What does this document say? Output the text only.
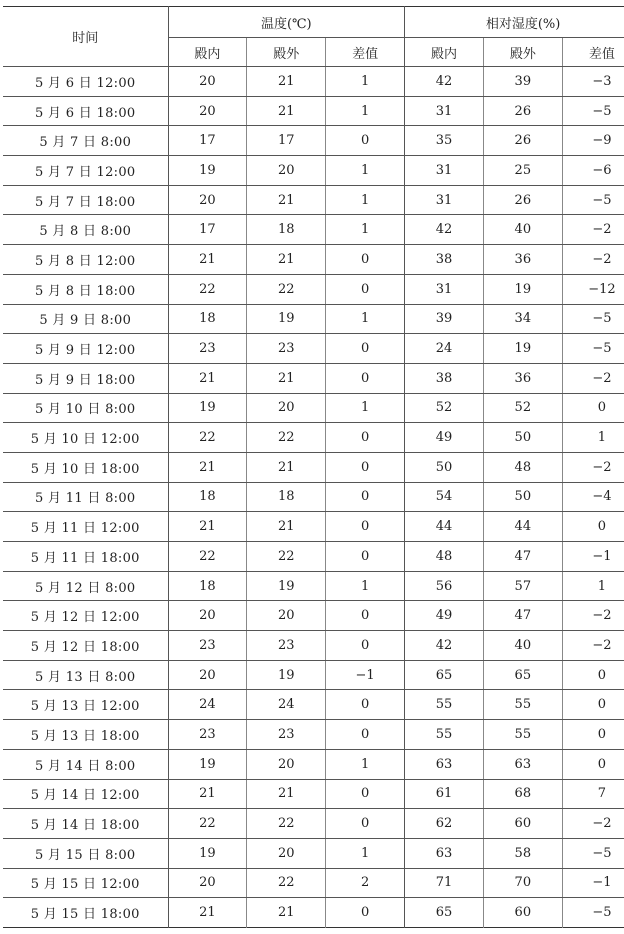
时间	温度(℃)			相对湿度(%)		
	殿内	殿外	差值	殿内	殿外	差值
5 月 6 日 12:00	20	21	1	42	39	−3
5 月 6 日 18:00	20	21	1	31	26	−5
5 月 7 日 8:00	17	17	0	35	26	−9
5 月 7 日 12:00	19	20	1	31	25	−6
5 月 7 日 18:00	20	21	1	31	26	−5
5 月 8 日 8:00	17	18	1	42	40	−2
5 月 8 日 12:00	21	21	0	38	36	−2
5 月 8 日 18:00	22	22	0	31	19	−12
5 月 9 日 8:00	18	19	1	39	34	−5
5 月 9 日 12:00	23	23	0	24	19	−5
5 月 9 日 18:00	21	21	0	38	36	−2
5 月 10 日 8:00	19	20	1	52	52	0
5 月 10 日 12:00	22	22	0	49	50	1
5 月 10 日 18:00	21	21	0	50	48	−2
5 月 11 日 8:00	18	18	0	54	50	−4
5 月 11 日 12:00	21	21	0	44	44	0
5 月 11 日 18:00	22	22	0	48	47	−1
5 月 12 日 8:00	18	19	1	56	57	1
5 月 12 日 12:00	20	20	0	49	47	−2
5 月 12 日 18:00	23	23	0	42	40	−2
5 月 13 日 8:00	20	19	−1	65	65	0
5 月 13 日 12:00	24	24	0	55	55	0
5 月 13 日 18:00	23	23	0	55	55	0
5 月 14 日 8:00	19	20	1	63	63	0
5 月 14 日 12:00	21	21	0	61	68	7
5 月 14 日 18:00	22	22	0	62	60	−2
5 月 15 日 8:00	19	20	1	63	58	−5
5 月 15 日 12:00	20	22	2	71	70	−1
5 月 15 日 18:00	21	21	0	65	60	−5
